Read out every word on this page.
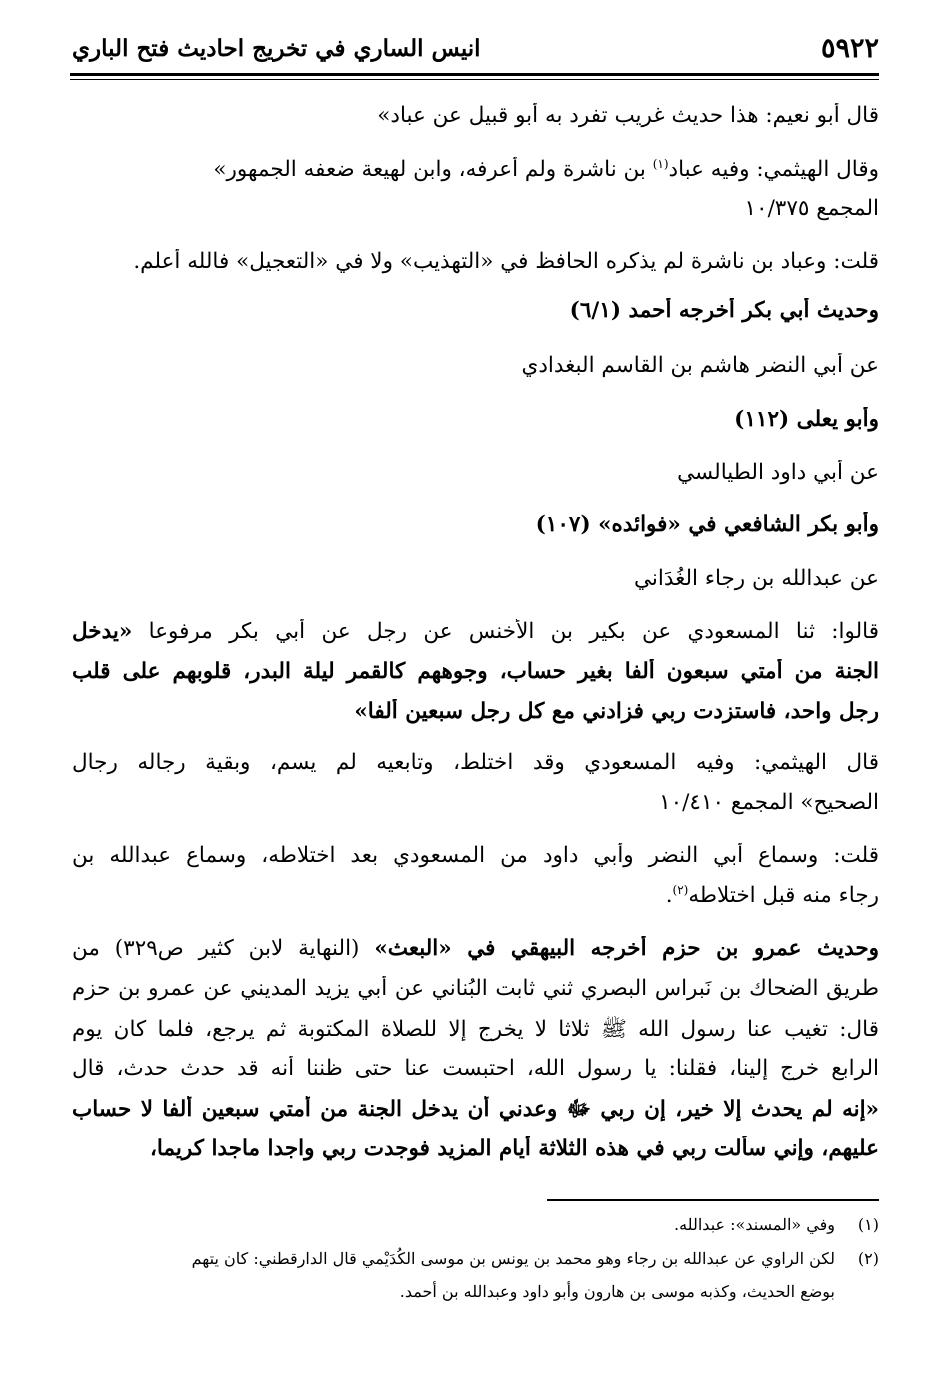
٥٩٢٢
انيس الساري في تخريج احاديث فتح الباري
قال أبو نعيم: هذا حديث غريب تفرد به أبو قبيل عن عباد»
وقال الهيثمي: وفيه عباد$^{(١)}$ بن ناشرة ولم أعرفه، وابن لهيعة ضعفه الجمهور»
المجمع ١٠/٣٧٥
قلت: وعباد بن ناشرة لم يذكره الحافظ في «التهذيب» ولا في «التعجيل» فالله أعلم.
وحديث أبي بكر أخرجه أحمد (٦/١)
عن أبي النضر هاشم بن القاسم البغدادي
وأبو يعلى (١١٢)
عن أبي داود الطيالسي
وأبو بكر الشافعي في «فوائده» (١٠٧)
عن عبدالله بن رجاء الغُدَاني
قالوا: ثنا المسعودي عن بكير بن الأخنس عن رجل عن أبي بكر مرفوعا «يدخل
الجنة من أمتي سبعون ألفا بغير حساب، وجوههم كالقمر ليلة البدر، قلوبهم على قلب
رجل واحد، فاستزدت ربي فزادني مع كل رجل سبعين ألفا»
قال الهيثمي: وفيه المسعودي وقد اختلط، وتابعيه لم يسم، وبقية رجاله رجال
الصحيح» المجمع ١٠/٤١٠
قلت: وسماع أبي النضر وأبي داود من المسعودي بعد اختلاطه، وسماع عبدالله بن
رجاء منه قبل اختلاطه$^{(٢)}$.
وحديث عمرو بن حزم أخرجه البيهقي في «البعث» (النهاية لابن كثير ص٣٢٩) من
طريق الضحاك بن نَبراس البصري ثني ثابت البُناني عن أبي يزيد المديني عن عمرو بن حزم
قال: تغيب عنا رسول الله ﷺ ثلاثا لا يخرج إلا للصلاة المكتوبة ثم يرجع، فلما كان يوم
الرابع خرج إلينا، فقلنا: يا رسول الله، احتبست عنا حتى ظننا أنه قد حدث حدث، قال
«إنه لم يحدث إلا خير، إن ربي ﷻ وعدني أن يدخل الجنة من أمتي سبعين ألفا لا حساب
عليهم، وإني سألت ربي في هذه الثلاثة أيام المزيد فوجدت ربي واجدا ماجدا كريما،
(١)وفي «المسند»: عبدالله.
(٢)لكن الراوي عن عبدالله بن رجاء وهو محمد بن يونس بن موسى الكُدَيْمي قال الدارقطني: كان يتهم
بوضع الحديث، وكذبه موسى بن هارون وأبو داود وعبدالله بن أحمد.
